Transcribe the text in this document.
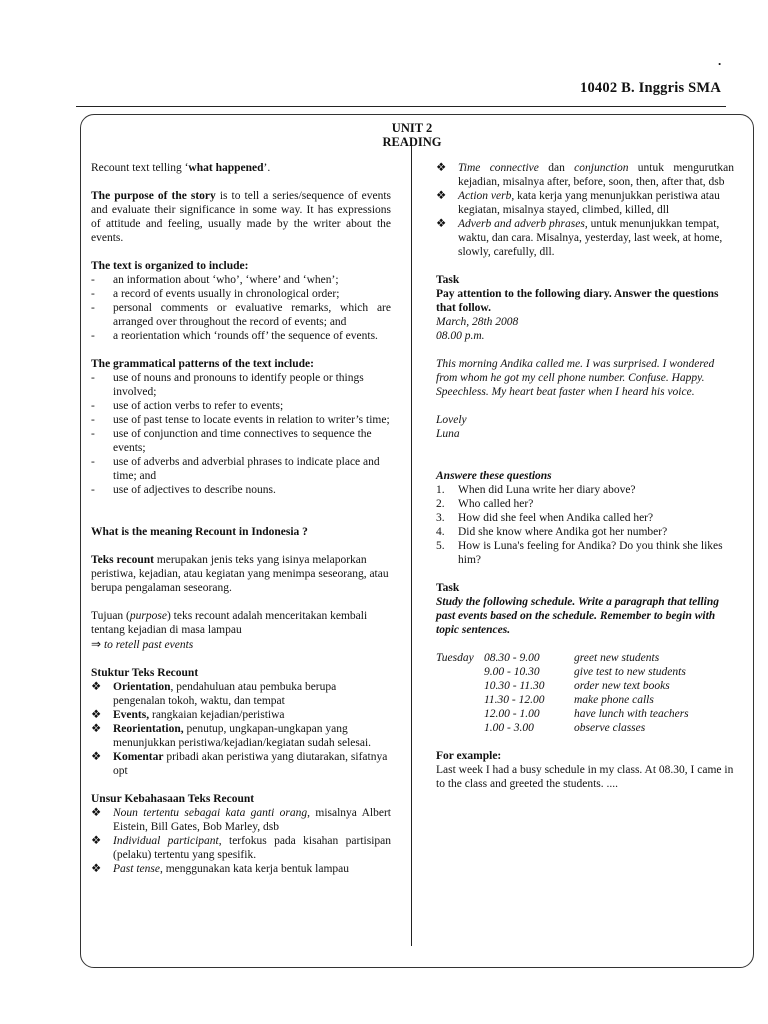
.
10402 B. Inggris SMA
UNIT 2
READING

Recount text telling ‘what happened’.

The purpose of the story is to tell a series/sequence of events and evaluate their significance in some way. It has expressions of attitude and feeling, usually made by the writer about the events.

The text is organized to include:

- an information about ‘who’, ‘where’ and ‘when’;
- a record of events usually in chronological order;
- personal comments or evaluative remarks, which are arranged over throughout the record of events; and
- a reorientation which ‘rounds off’ the sequence of events.

The grammatical patterns of the text include:

- use of nouns and pronouns to identify people or things involved;
- use of action verbs to refer to events;
- use of past tense to locate events in relation to writer’s time;
- use of conjunction and time connectives to sequence the events;
- use of adverbs and adverbial phrases to indicate place and time; and
- use of adjectives to describe nouns.

What is the meaning Recount in Indonesia ?

Teks recount merupakan jenis teks yang isinya melaporkan peristiwa, kejadian, atau kegiatan yang menimpa seseorang, atau berupa pengalaman seseorang.

Tujuan (purpose) teks recount adalah menceritakan kembali tentang kejadian di masa lampau

⇒ to retell past events

Stuktur Teks Recount

❖ Orientation, pendahuluan atau pembuka berupa pengenalan tokoh, waktu, dan tempat
❖ Events, rangkaian kejadian/peristiwa
❖ Reorientation, penutup, ungkapan-ungkapan yang menunjukkan peristiwa/kejadian/kegiatan sudah selesai.
❖ Komentar pribadi akan peristiwa yang diutarakan, sifatnya opt

Unsur Kebahasaan Teks Recount

❖ Noun tertentu sebagai kata ganti orang, misalnya Albert Eistein, Bill Gates, Bob Marley, dsb
❖ Individual participant, terfokus pada kisahan partisipan (pelaku) tertentu yang spesifik.
❖ Past tense, menggunakan kata kerja bentuk lampau
❖ Time connective dan conjunction untuk mengurutkan kejadian, misalnya after, before, soon, then, after that, dsb
❖ Action verb, kata kerja yang menunjukkan peristiwa atau kegiatan, misalnya stayed, climbed, killed, dll
❖ Adverb and adverb phrases, untuk menunjukkan tempat, waktu, dan cara. Misalnya, yesterday, last week, at home, slowly, carefully, dll.

Task

Pay attention to the following diary. Answer the questions that follow.

March, 28th 2008

08.00 p.m.

This morning Andika called me. I was surprised. I wondered from whom he got my cell phone number. Confuse. Happy. Speechless. My heart beat faster when I heard his voice.

Lovely

Luna

Answere these questions

1. When did Luna write her diary above?
2. Who called her?
3. How did she feel when Andika called her?
4. Did she know where Andika got her number?
5. How is Luna's feeling for Andika? Do you think she likes him?

Task

Study the following schedule. Write a paragraph that telling past events based on the schedule. Remember to begin with topic sentences.

Tuesday 08.30 - 9.00	greet new students
9.00 - 10.30	give test to new students
10.30 - 11.30	order new text books
11.30 - 12.00	make phone calls
12.00 - 1.00	have lunch with teachers
1.00 - 3.00	observe classes

For example:

Last week I had a busy schedule in my class. At 08.30, I came in to the class and greeted the students. ....
